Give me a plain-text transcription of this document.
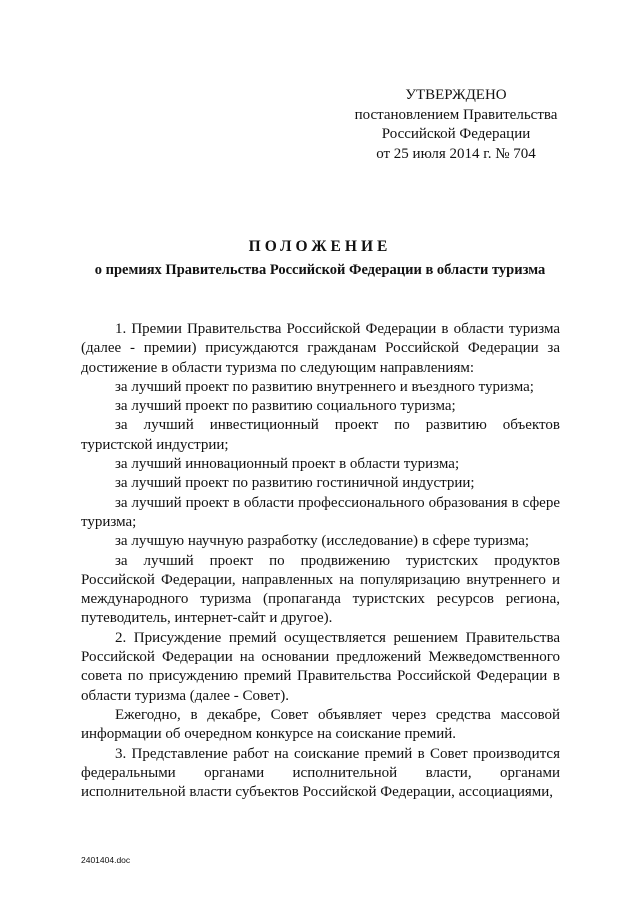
УТВЕРЖДЕНО
постановлением Правительства
Российской Федерации
от 25 июля 2014 г. № 704
ПОЛОЖЕНИЕ
о премиях Правительства Российской Федерации в области туризма

1. Премии Правительства Российской Федерации в области туризма (далее - премии) присуждаются гражданам Российской Федерации за достижение в области туризма по следующим направлениям:

за лучший проект по развитию внутреннего и въездного туризма;

за лучший проект по развитию социального туризма;

за лучший инвестиционный проект по развитию объектов туристской индустрии;

за лучший инновационный проект в области туризма;

за лучший проект по развитию гостиничной индустрии;

за лучший проект в области профессионального образования в сфере туризма;

за лучшую научную разработку (исследование) в сфере туризма;

за лучший проект по продвижению туристских продуктов Российской Федерации, направленных на популяризацию внутреннего и международного туризма (пропаганда туристских ресурсов региона, путеводитель, интернет-сайт и другое).

2. Присуждение премий осуществляется решением Правительства Российской Федерации на основании предложений Межведомственного совета по присуждению премий Правительства Российской Федерации в области туризма (далее - Совет).

Ежегодно, в декабре, Совет объявляет через средства массовой информации об очередном конкурсе на соискание премий.

3. Представление работ на соискание премий в Совет производится федеральными органами исполнительной власти, органами исполнительной власти субъектов Российской Федерации, ассоциациями,

2401404.doc
